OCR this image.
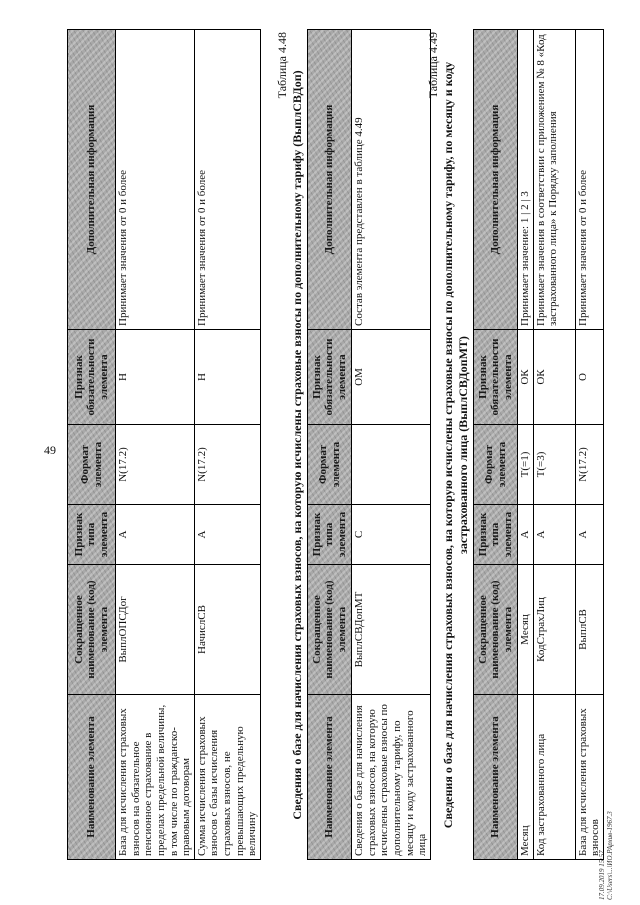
49
Наименование элемента	Сокращенное наименование (код) элемента	Признак типа элемента	Формат элемента	Признак обязательности элемента	Дополнительная информация
База для исчисления страховых взносов на обязательное пенсионное страхование в пределах предельной величины, в том числе по гражданско-правовым договорам	ВыплОПСДог	А	N(17.2)	Н	Принимает значения от 0 и более
Сумма исчисления страховых взносов с базы исчисления страховых взносов, не превышающих предельную величину	НачислСВ	А	N(17.2)	Н	Принимает значения от 0 и более
Таблица 4.48
Сведения о базе для начисления страховых взносов, на которую исчислены страховые взносы по дополнительному тарифу (ВыплСВДоп) Наименование элемента	Сокращенное наименование (код) элемента	Признак типа элемента	Формат элемента	Признак обязательности элемента	Дополнительная информация
Сведения о базе для начисления страховых взносов, на которую исчислены страховые взносы по дополнительному тарифу, по месяцу и коду застрахованного лица	ВыплСВДопМТ	С		ОМ	Состав элемента представлен в таблице 4.49
Таблица 4.49 Сведения о базе для начисления страховых взносов, на которую исчислены страховые взносы по дополнительному тарифу, по месяцу и коду застрахованного лица (ВыплСВДопМТ)
Наименование элемента	Сокращенное наименование (код) элемента	Признак типа элемента	Формат элемента	Признак обязательности элемента	Дополнительная информация
Месяц	Месяц	А	Т(=1)	ОК	Принимает значение: 1 | 2 | 3
Код застрахованного лица	КодСтрахЛиц	А	Т(=3)	ОК	Принимает значения в соответствии с приложением № 8 «Код застрахованного лица» к Порядку заполнения
База для исчисления страховых взносов	ВыплСВ	А	N(17.2)	О	Принимает значения от 0 и более
17.09.2019 15:57 С:\Users\...\ИО.РАрхив-1967.3
